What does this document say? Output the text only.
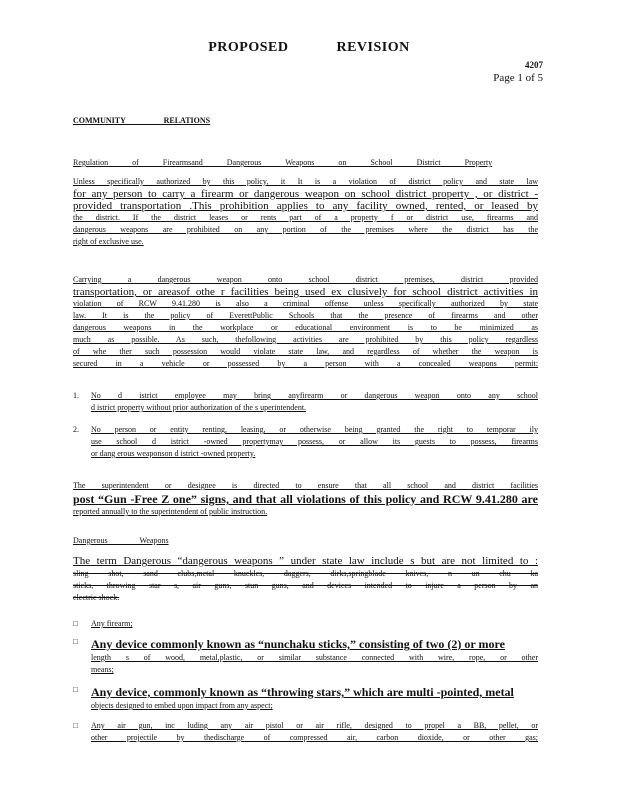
PROPOSED	REVISION
4207
Page 1 of 5
COMMUNITY RELATIONS
Regulation of Firearmsand Dangerous Weapons on School District Property
Unless specifically authorized by this policy, it It is a violation of district policy and state law
for any person to carry a firearm or dangerous weapon on school district property , or district -
provided transportation .This prohibition applies to any facility owned, rented, or leased by
the district. If the district leases or rents part of a property f or district use, firearms and
dangerous weapons are prohibited on any portion of the premises where the district has the
right of exclusive use.
Carrying a dangerous weapon onto school district premises, district provided
transportation, or areasof othe r facilities being used ex clusively for school district activities in
violation of RCW 9.41.280 is also a criminal offense unless specifically authorized by state
law. It is the policy of EverettPublic Schools that the presence of firearms and other
dangerous weapons in the workplace or educational environment is to be minimized as
much as possible. As such, thefollowing activities are prohibited by this policy regardless
of whe ther such possession would violate state law, and regardless of whether the weapon is
secured in a vehicle or possessed by a person with a concealed weapons permit:
1.	No d istrict employee may bring anyfirearm or dangerous weapon onto any school
d istrict property without prior authorization of the s uperintendent.
2.	No person or entity renting, leasing, or otherwise being granted the right to temporar ily
use school d istrict -owned propertymay possess, or allow its guests to possess, firearms
or dang erous weaponson d istrict -owned property.
The superintendent or designee is directed to ensure that all school and district facilities
post “Gun -Free Z one” signs, and that all violations of this policy and RCW 9.41.280 are
reported annually to the superintendent of public instruction.
Dangerous Weapons
The term Dangerous “dangerous weapons ” under state law include s but are not limited to :
sling shot, sand clubs,metal knuckles, daggers, dirks,springblade knives, n un chu ka
sticks, throwing star s, air guns, stun guns, and devices intended to injure a person by an
electric shock.
□	Any firearm;
□	Any device commonly known as “nunchaku sticks,” consisting of two (2) or more
length s of wood, metal,plastic, or similar substance connected with wire, rope, or other
means;
□	Any device, commonly known as “throwing stars,” which are multi -pointed, metal
objects designed to embed upon impact from any aspect;
□	Any air gun, inc luding any air pistol or air rifle, designed to propel a BB, pellet, or
other projectile by thedischarge of compressed air, carbon dioxide, or other gas;
